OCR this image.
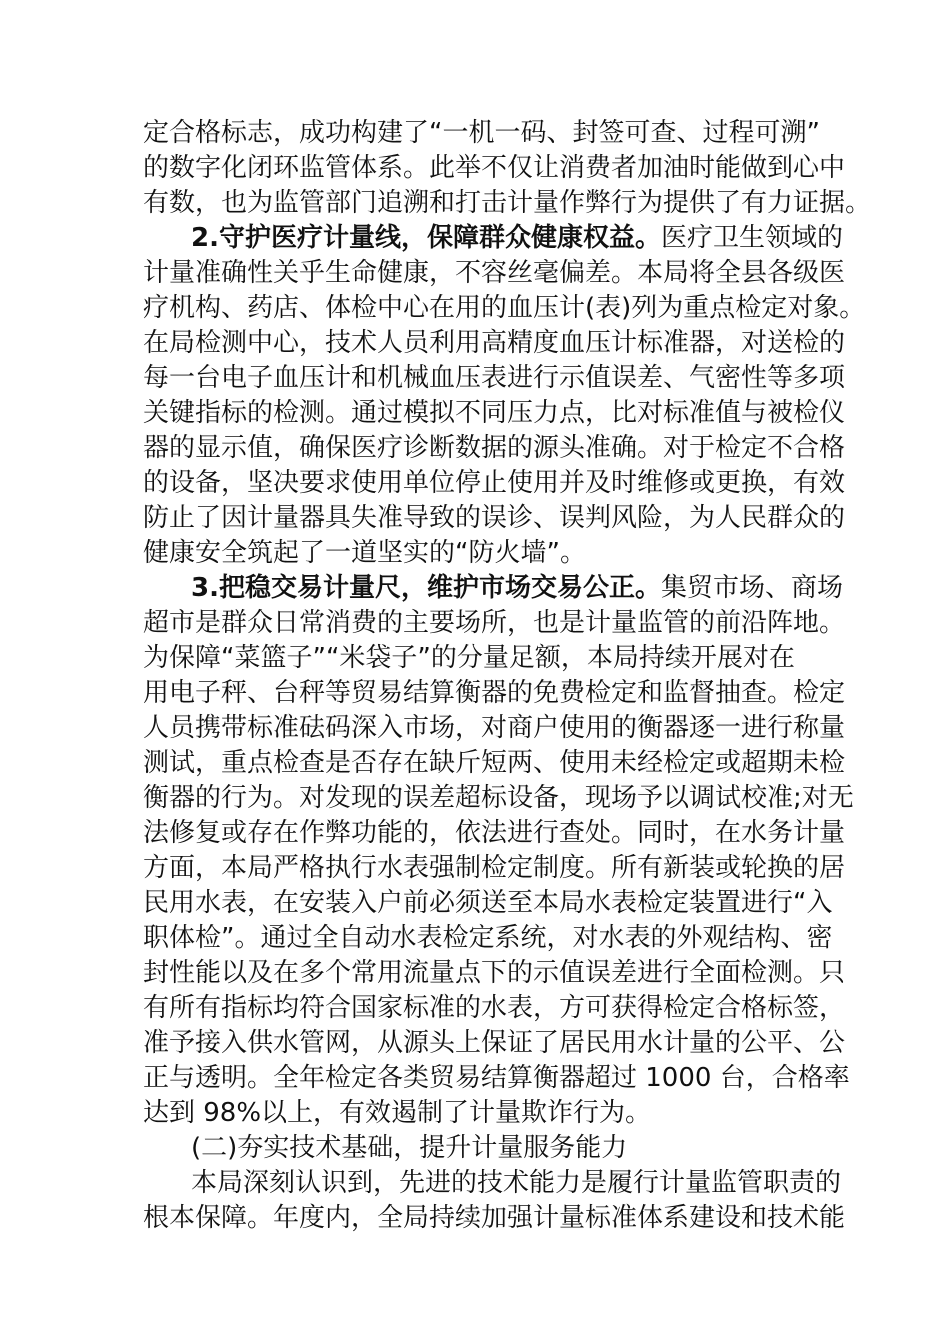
定合格标志，成功构建了“一机一码、封签可查、过程可溯”
的数字化闭环监管体系。此举不仅让消费者加油时能做到心中
有数，也为监管部门追溯和打击计量作弊行为提供了有力证据。
2.守护医疗计量线，保障群众健康权益。医疗卫生领域的
计量准确性关乎生命健康，不容丝毫偏差。本局将全县各级医
疗机构、药店、体检中心在用的血压计(表)列为重点检定对象。
在局检测中心，技术人员利用高精度血压计标准器，对送检的
每一台电子血压计和机械血压表进行示值误差、气密性等多项
关键指标的检测。通过模拟不同压力点，比对标准值与被检仪
器的显示值，确保医疗诊断数据的源头准确。对于检定不合格
的设备，坚决要求使用单位停止使用并及时维修或更换，有效
防止了因计量器具失准导致的误诊、误判风险，为人民群众的
健康安全筑起了一道坚实的“防火墙”。
3.把稳交易计量尺，维护市场交易公正。集贸市场、商场
超市是群众日常消费的主要场所，也是计量监管的前沿阵地。
为保障“菜篮子”“米袋子”的分量足额，本局持续开展对在
用电子秤、台秤等贸易结算衡器的免费检定和监督抽查。检定
人员携带标准砝码深入市场，对商户使用的衡器逐一进行称量
测试，重点检查是否存在缺斤短两、使用未经检定或超期未检
衡器的行为。对发现的误差超标设备，现场予以调试校准;对无
法修复或存在作弊功能的，依法进行查处。同时，在水务计量
方面，本局严格执行水表强制检定制度。所有新装或轮换的居
民用水表，在安装入户前必须送至本局水表检定装置进行“入
职体检”。通过全自动水表检定系统，对水表的外观结构、密
封性能以及在多个常用流量点下的示值误差进行全面检测。只
有所有指标均符合国家标准的水表，方可获得检定合格标签，
准予接入供水管网，从源头上保证了居民用水计量的公平、公
正与透明。全年检定各类贸易结算衡器超过 1000 台，合格率
达到 98%以上，有效遏制了计量欺诈行为。
(二)夯实技术基础，提升计量服务能力
本局深刻认识到，先进的技术能力是履行计量监管职责的
根本保障。年度内，全局持续加强计量标准体系建设和技术能
